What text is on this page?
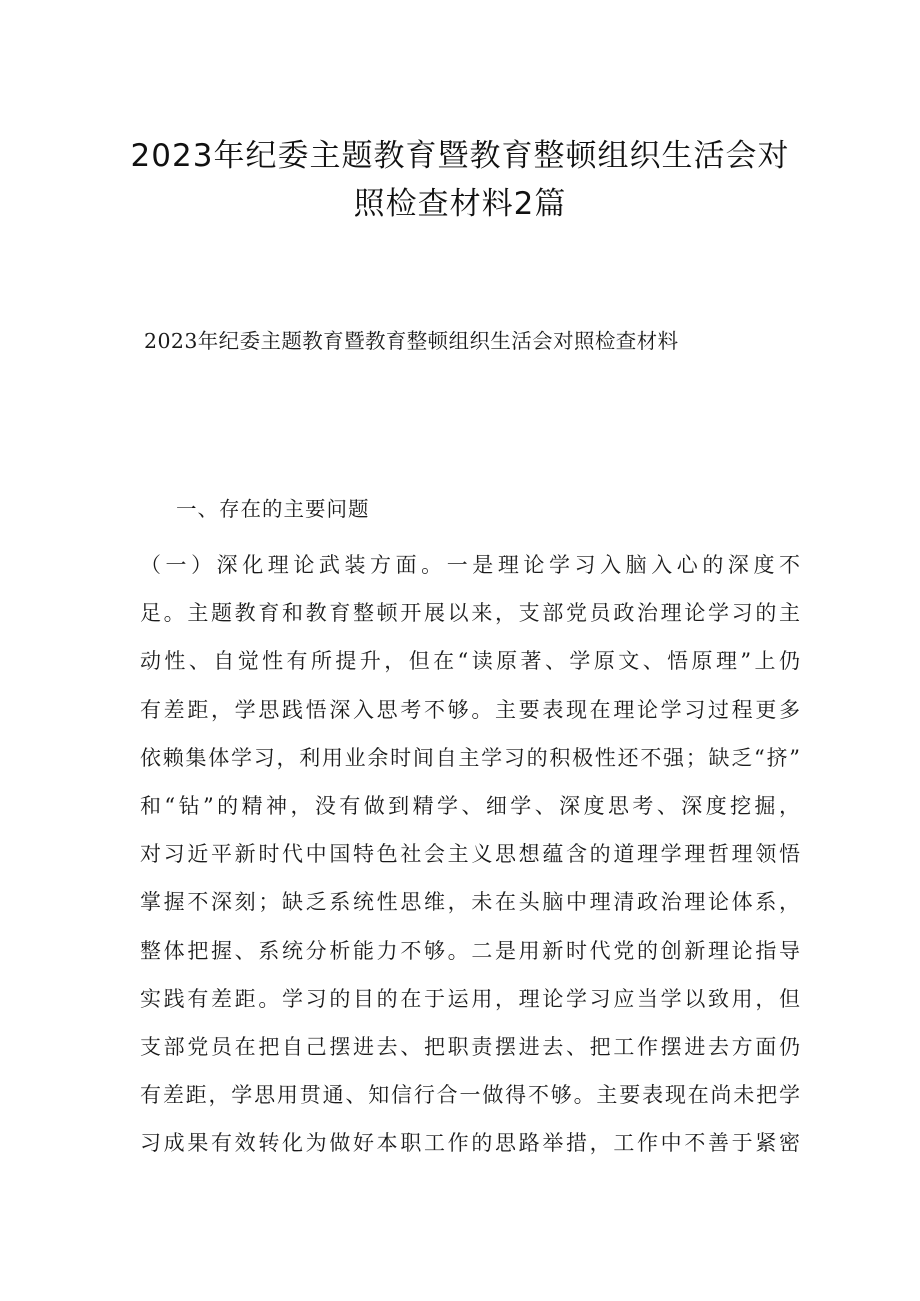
2023年纪委主题教育暨教育整顿组织生活会对
照检查材料2篇

2023年纪委主题教育暨教育整顿组织生活会对照检查材料

一、存在的主要问题

（一）深化理论武装方面。一是理论学习入脑入心的深度不
足。主题教育和教育整顿开展以来，支部党员政治理论学习的主
动性、自觉性有所提升，但在“读原著、学原文、悟原理”上仍
有差距，学思践悟深入思考不够。主要表现在理论学习过程更多
依赖集体学习，利用业余时间自主学习的积极性还不强；缺乏“挤”
和“钻”的精神，没有做到精学、细学、深度思考、深度挖掘，
对习近平新时代中国特色社会主义思想蕴含的道理学理哲理领悟
掌握不深刻；缺乏系统性思维，未在头脑中理清政治理论体系，
整体把握、系统分析能力不够。二是用新时代党的创新理论指导
实践有差距。学习的目的在于运用，理论学习应当学以致用，但
支部党员在把自己摆进去、把职责摆进去、把工作摆进去方面仍
有差距，学思用贯通、知信行合一做得不够。主要表现在尚未把学
习成果有效转化为做好本职工作的思路举措，工作中不善于紧密
